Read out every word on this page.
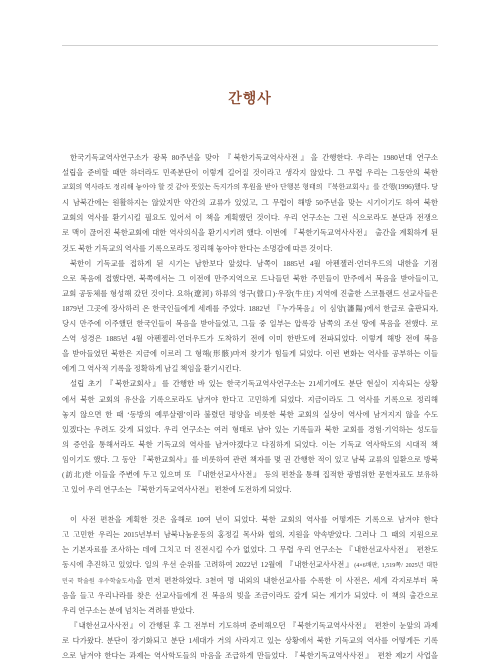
간행사
한국기독교역사연구소가 광복 80주년을 맞아 『북한기독교역사사전』을 간행한다. 우리는 1980년대 연구소
설립을 준비할 때만 하더라도 민족분단이 이렇게 길어질 것이라고 생각지 않았다. 그 무렵 우리는 그동안의 북한
교회의 역사라도 정리해 놓아야 할 것 같아 뜻있는 독지가의 후원을 받아 단행본 형태의 『북한교회사』를 간행(1996)했다. 당
시 남북간에는 원활하지는 않았지만 약간의 교류가 있었고, 그 무렵이 해방 50주년을 맞는 시기이기도 하여 북한
교회의 역사를 환기시킬 필요도 있어서 이 책을 계획했던 것이다. 우리 연구소는 그런 식으로라도 분단과 전쟁으
로 맥이 끊어진 북한교회에 대한 역사의식을 환기시키려 했다. 이번에 『북한기독교역사사전』 출간을 계획하게 된
것도 북한 기독교의 역사를 기록으로라도 정리해 놓아야 한다는 소명감에 따른 것이다.
북한이 기독교를 접하게 된 시기는 남한보다 앞섰다. 남쪽이 1885년 4월 아펜젤러·언더우드의 내한을 기점
으로 복음에 접했다면, 북쪽에서는 그 이전에 만주지역으로 드나들던 북한 주민들이 만주에서 복음을 받아들이고,
교회 공동체를 형성해 갔던 것이다. 요하(遼河) 하류의 영구(營口)·우장(牛庄) 지역에 진출한 스코틀랜드 선교사들은
1879년 그곳에 장사하러 온 한국인들에게 세례를 주었다. 1882년 『누가복음』이 심양(瀋陽)에서 한글로 출판되자,
당시 만주에 이주했던 한국인들이 복음을 받아들였고, 그들 중 일부는 압록강 남쪽의 조선 땅에 복음을 전했다. 로
스역 성경은 1885년 4월 아펜젤러·언더우드가 도착하기 전에 이미 한반도에 전파되었다. 이렇게 해방 전에 복음
을 받아들였던 북한은 지금에 이르러 그 형해(形骸)마저 찾기가 힘들게 되었다. 이런 변화는 역사를 공부하는 이들
에게 그 역사적 기록을 정확하게 남길 책임을 환기시킨다.
설립 초기 『북한교회사』를 간행한 바 있는 한국기독교역사연구소는 21세기에도 분단 현실이 지속되는 상황
에서 북한 교회의 유산을 기록으로라도 남겨야 한다고 고민하게 되었다. 지금이라도 그 역사를 기록으로 정리해
놓지 않으면 한 때 ‘동방의 예루살렘’이라 불렸던 평양을 비롯한 북한 교회의 실상이 역사에 남겨지지 않을 수도
있겠다는 우려도 갖게 되었다. 우리 연구소는 여러 형태로 남아 있는 기록들과 북한 교회를 경험·기억하는 성도들
의 증언을 통해서라도 북한 기독교의 역사를 남겨야겠다고 다짐하게 되었다. 이는 기독교 역사학도의 시대적 책
임이기도 했다. 그 동안 『북한교회사』를 비롯하여 관련 책자를 몇 권 간행한 적이 있고 남북 교류의 일환으로 방북
(訪北)한 이들을 주변에 두고 있으며 또 『내한선교사사전』 등의 편찬을 통해 집적한 광범위한 문헌자료도 보유하
고 있어 우리 연구소는 『북한기독교역사사전』 편찬에 도전하게 되었다.
이 사전 편찬을 계획한 것은 올해로 10여 년이 되었다. 북한 교회의 역사를 어떻게든 기록으로 남겨야 한다
고 고민한 우리는 2015년부터 남북나눔운동의 홍정길 목사와 협의, 지원을 약속받았다. 그러나 그 때의 지원으로
는 기본자료를 조사하는 데에 그치고 더 진전시킬 수가 없었다. 그 무렵 우리 연구소는 『내한선교사사전』 편찬도
동시에 추진하고 있었다. 일의 우선 순위를 고려하여 2022년 12월에 『내한선교사사전』(4×6배판, 1,519쪽/ 2025년 대한
민국 학술원 우수학술도서)을 먼저 편찬하였다. 3천여 명 내외의 내한선교사를 수록한 이 사전은, 세계 각지로부터 복
음을 들고 우리나라를 찾은 선교사들에게 진 복음의 빚을 조금이라도 갚게 되는 계기가 되었다. 이 책의 출간으로
우리 연구소는 분에 넘치는 격려를 받았다.
『내한선교사사전』이 간행된 후 그 전부터 기도하며 준비해오던 『북한기독교역사사전』 편찬이 눈앞의 과제
로 다가왔다. 분단이 장기화되고 분단 1세대가 거의 사라지고 있는 상황에서 북한 기독교의 역사를 어떻게든 기록
으로 남겨야 한다는 과제는 역사학도들의 마음을 조급하게 만들었다. 『북한기독교역사사전』 편찬 제2기 사업을
